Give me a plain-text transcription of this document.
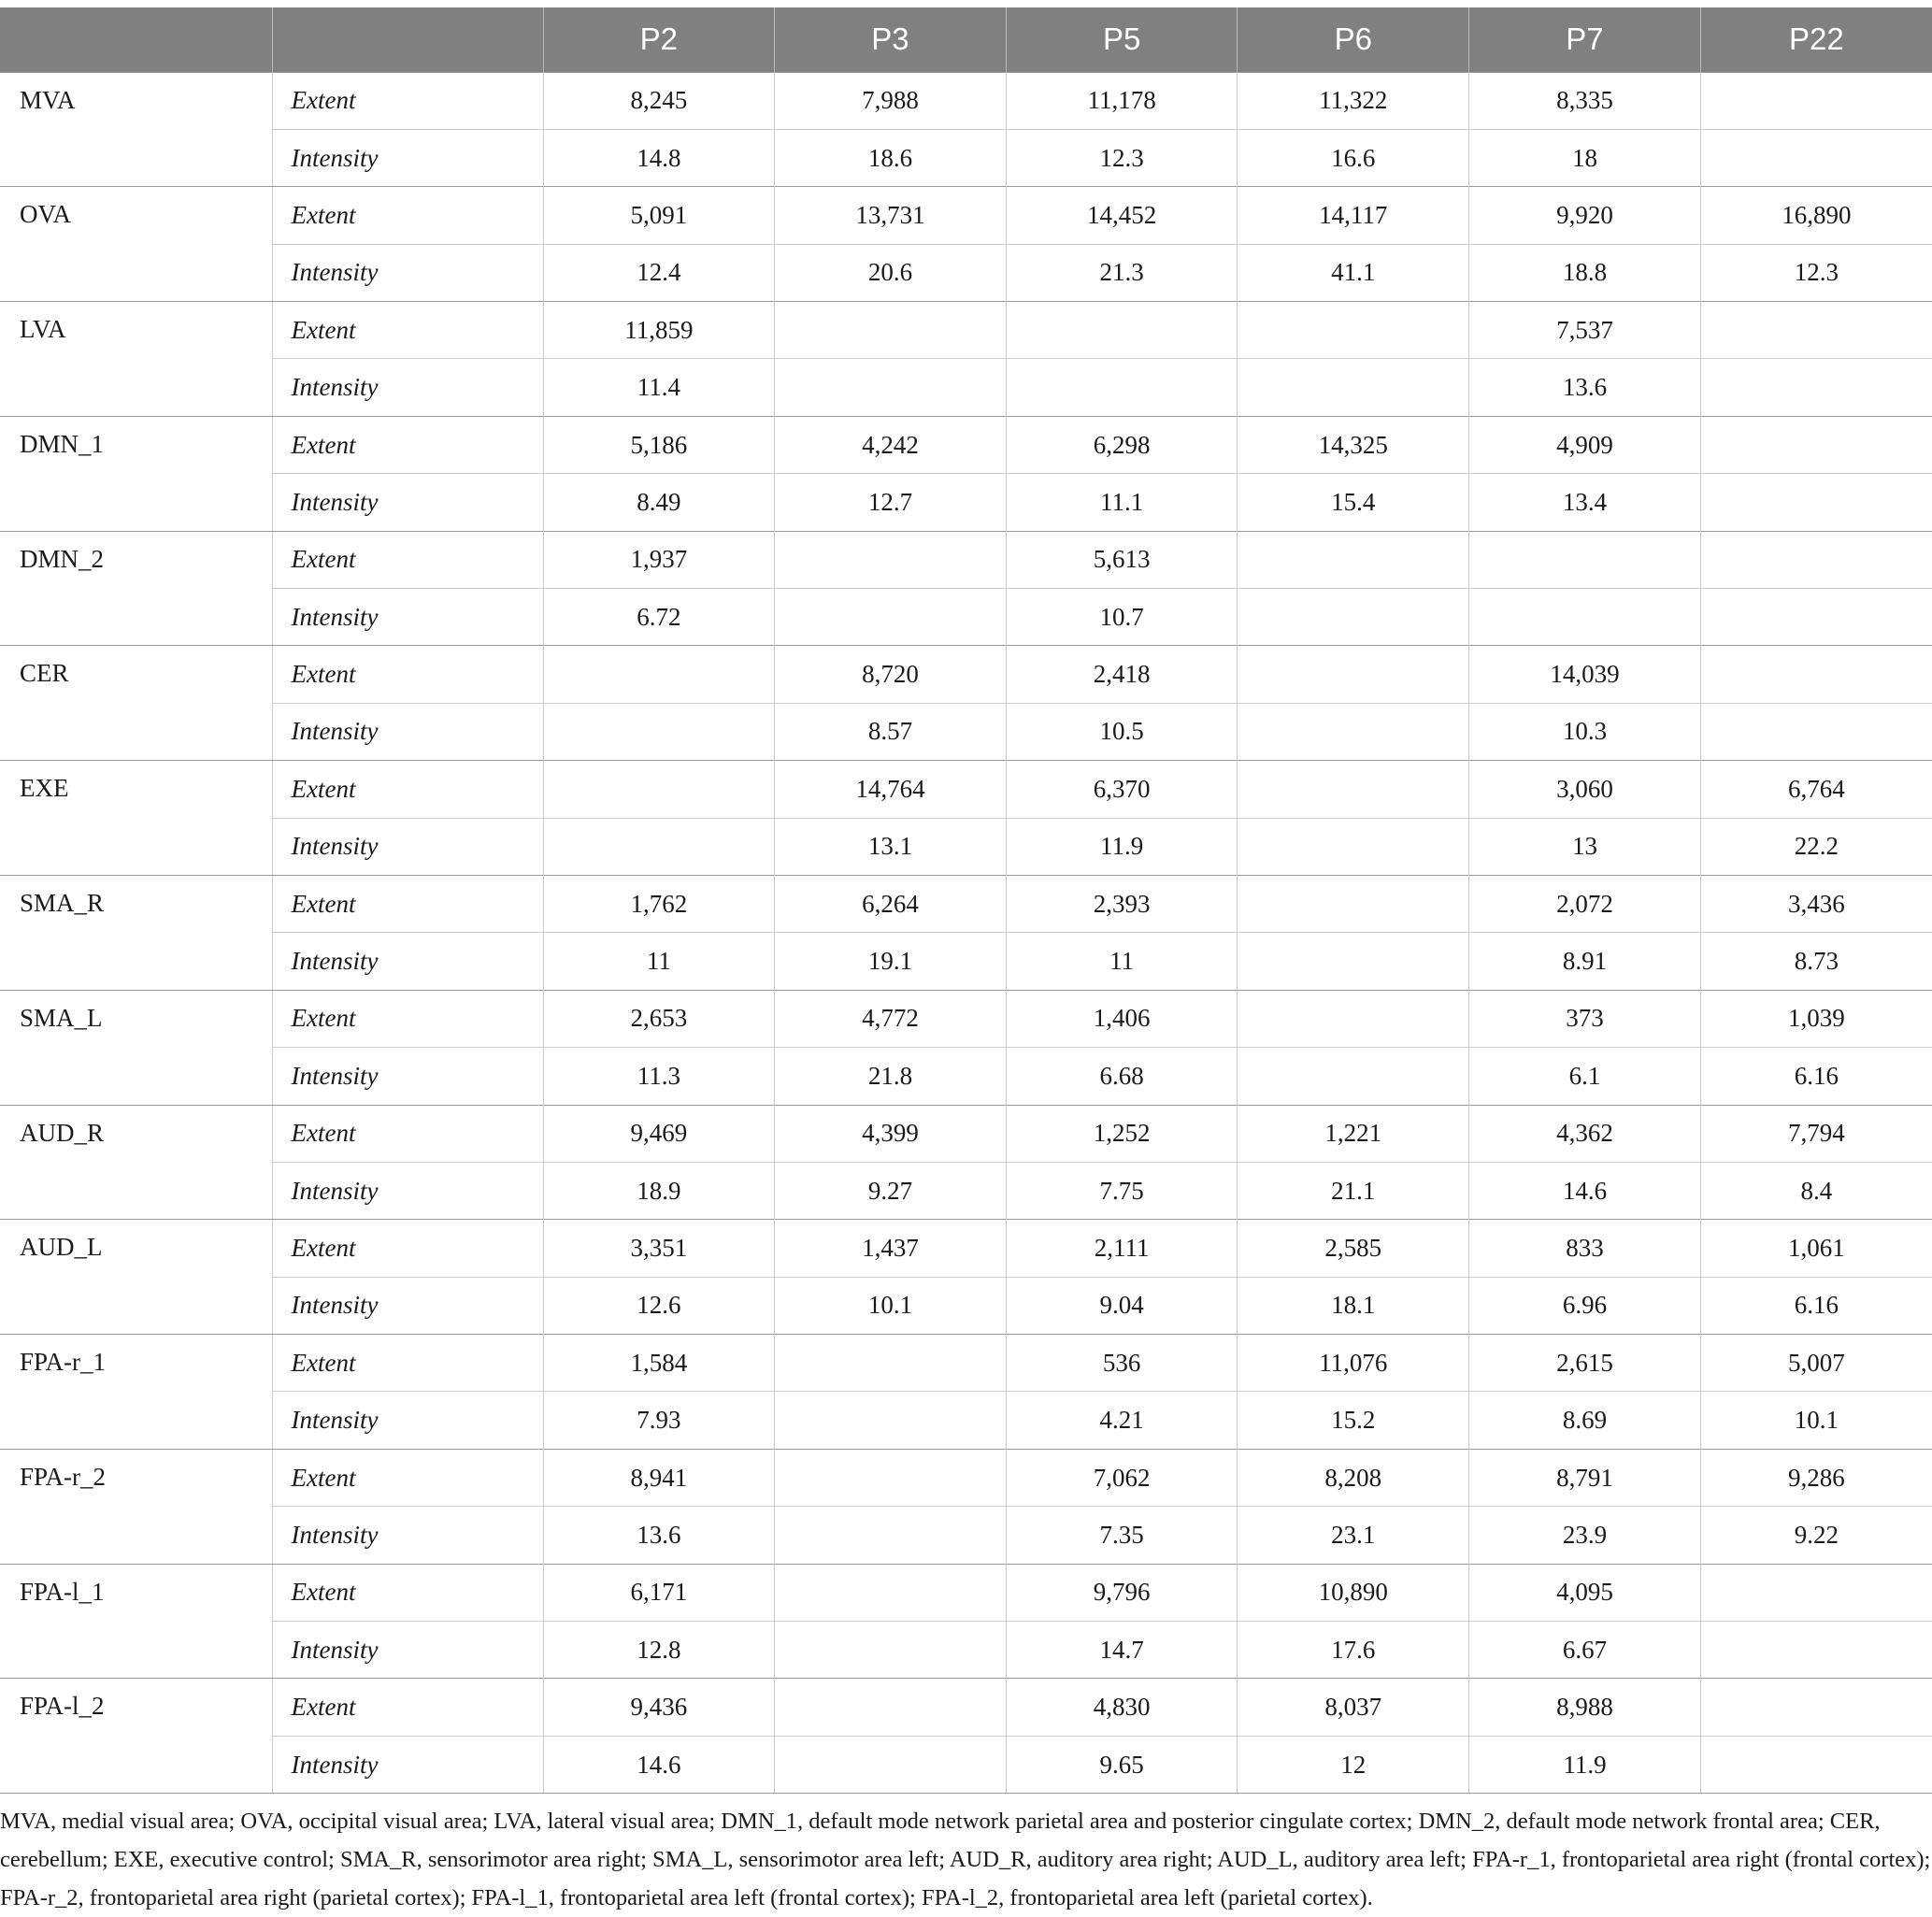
		P2	P3	P5	P6	P7	P22
MVA	Extent	8,245	7,988	11,178	11,322	8,335	
	Intensity	14.8	18.6	12.3	16.6	18	
OVA	Extent	5,091	13,731	14,452	14,117	9,920	16,890
	Intensity	12.4	20.6	21.3	41.1	18.8	12.3
LVA	Extent	11,859				7,537	
	Intensity	11.4				13.6	
DMN_1	Extent	5,186	4,242	6,298	14,325	4,909	
	Intensity	8.49	12.7	11.1	15.4	13.4	
DMN_2	Extent	1,937		5,613			
	Intensity	6.72		10.7			
CER	Extent		8,720	2,418		14,039	
	Intensity		8.57	10.5		10.3	
EXE	Extent		14,764	6,370		3,060	6,764
	Intensity		13.1	11.9		13	22.2
SMA_R	Extent	1,762	6,264	2,393		2,072	3,436
	Intensity	11	19.1	11		8.91	8.73
SMA_L	Extent	2,653	4,772	1,406		373	1,039
	Intensity	11.3	21.8	6.68		6.1	6.16
AUD_R	Extent	9,469	4,399	1,252	1,221	4,362	7,794
	Intensity	18.9	9.27	7.75	21.1	14.6	8.4
AUD_L	Extent	3,351	1,437	2,111	2,585	833	1,061
	Intensity	12.6	10.1	9.04	18.1	6.96	6.16
FPA-r_1	Extent	1,584		536	11,076	2,615	5,007
	Intensity	7.93		4.21	15.2	8.69	10.1
FPA-r_2	Extent	8,941		7,062	8,208	8,791	9,286
	Intensity	13.6		7.35	23.1	23.9	9.22
FPA-l_1	Extent	6,171		9,796	10,890	4,095	
	Intensity	12.8		14.7	17.6	6.67	
FPA-l_2	Extent	9,436		4,830	8,037	8,988	
	Intensity	14.6		9.65	12	11.9	

MVA, medial visual area; OVA, occipital visual area; LVA, lateral visual area; DMN_1, default mode network parietal area and posterior cingulate cortex; DMN_2, default mode network frontal area; CER, cerebellum; EXE, executive control; SMA_R, sensorimotor area right; SMA_L, sensorimotor area left; AUD_R, auditory area right; AUD_L, auditory area left; FPA-r_1, frontoparietal area right (frontal cortex); FPA-r_2, frontoparietal area right (parietal cortex); FPA-l_1, frontoparietal area left (frontal cortex); FPA-l_2, frontoparietal area left (parietal cortex).
